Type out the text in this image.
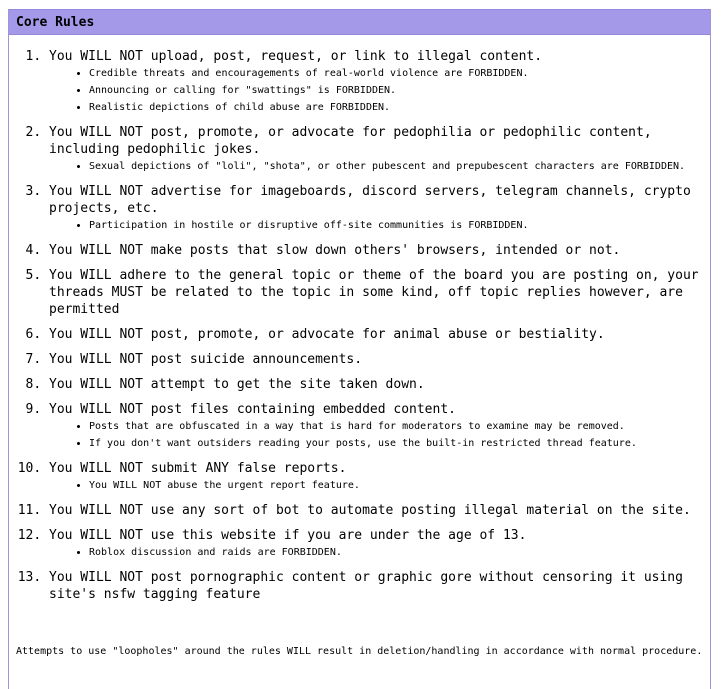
Core Rules
1. You WILL NOT upload, post, request, or link to illegal content.
• Credible threats and encouragements of real-world violence are FORBIDDEN.
• Announcing or calling for "swattings" is FORBIDDEN.
• Realistic depictions of child abuse are FORBIDDEN.
2. You WILL NOT post, promote, or advocate for pedophilia or pedophilic content, including pedophilic jokes.
• Sexual depictions of "loli", "shota", or other pubescent and prepubescent characters are FORBIDDEN.
3. You WILL NOT advertise for imageboards, discord servers, telegram channels, crypto projects, etc.
• Participation in hostile or disruptive off-site communities is FORBIDDEN.
4. You WILL NOT make posts that slow down others' browsers, intended or not.
5. You WILL adhere to the general topic or theme of the board you are posting on, your threads MUST be related to the topic in some kind, off topic replies however, are permitted
6. You WILL NOT post, promote, or advocate for animal abuse or bestiality.
7. You WILL NOT post suicide announcements.
8. You WILL NOT attempt to get the site taken down.
9. You WILL NOT post files containing embedded content.
• Posts that are obfuscated in a way that is hard for moderators to examine may be removed.
• If you don't want outsiders reading your posts, use the built-in restricted thread feature.
10. You WILL NOT submit ANY false reports.
• You WILL NOT abuse the urgent report feature.
11. You WILL NOT use any sort of bot to automate posting illegal material on the site.
12. You WILL NOT use this website if you are under the age of 13.
• Roblox discussion and raids are FORBIDDEN.
13. You WILL NOT post pornographic content or graphic gore without censoring it using site's nsfw tagging feature
Attempts to use "loopholes" around the rules WILL result in deletion/handling in accordance with normal procedure.
